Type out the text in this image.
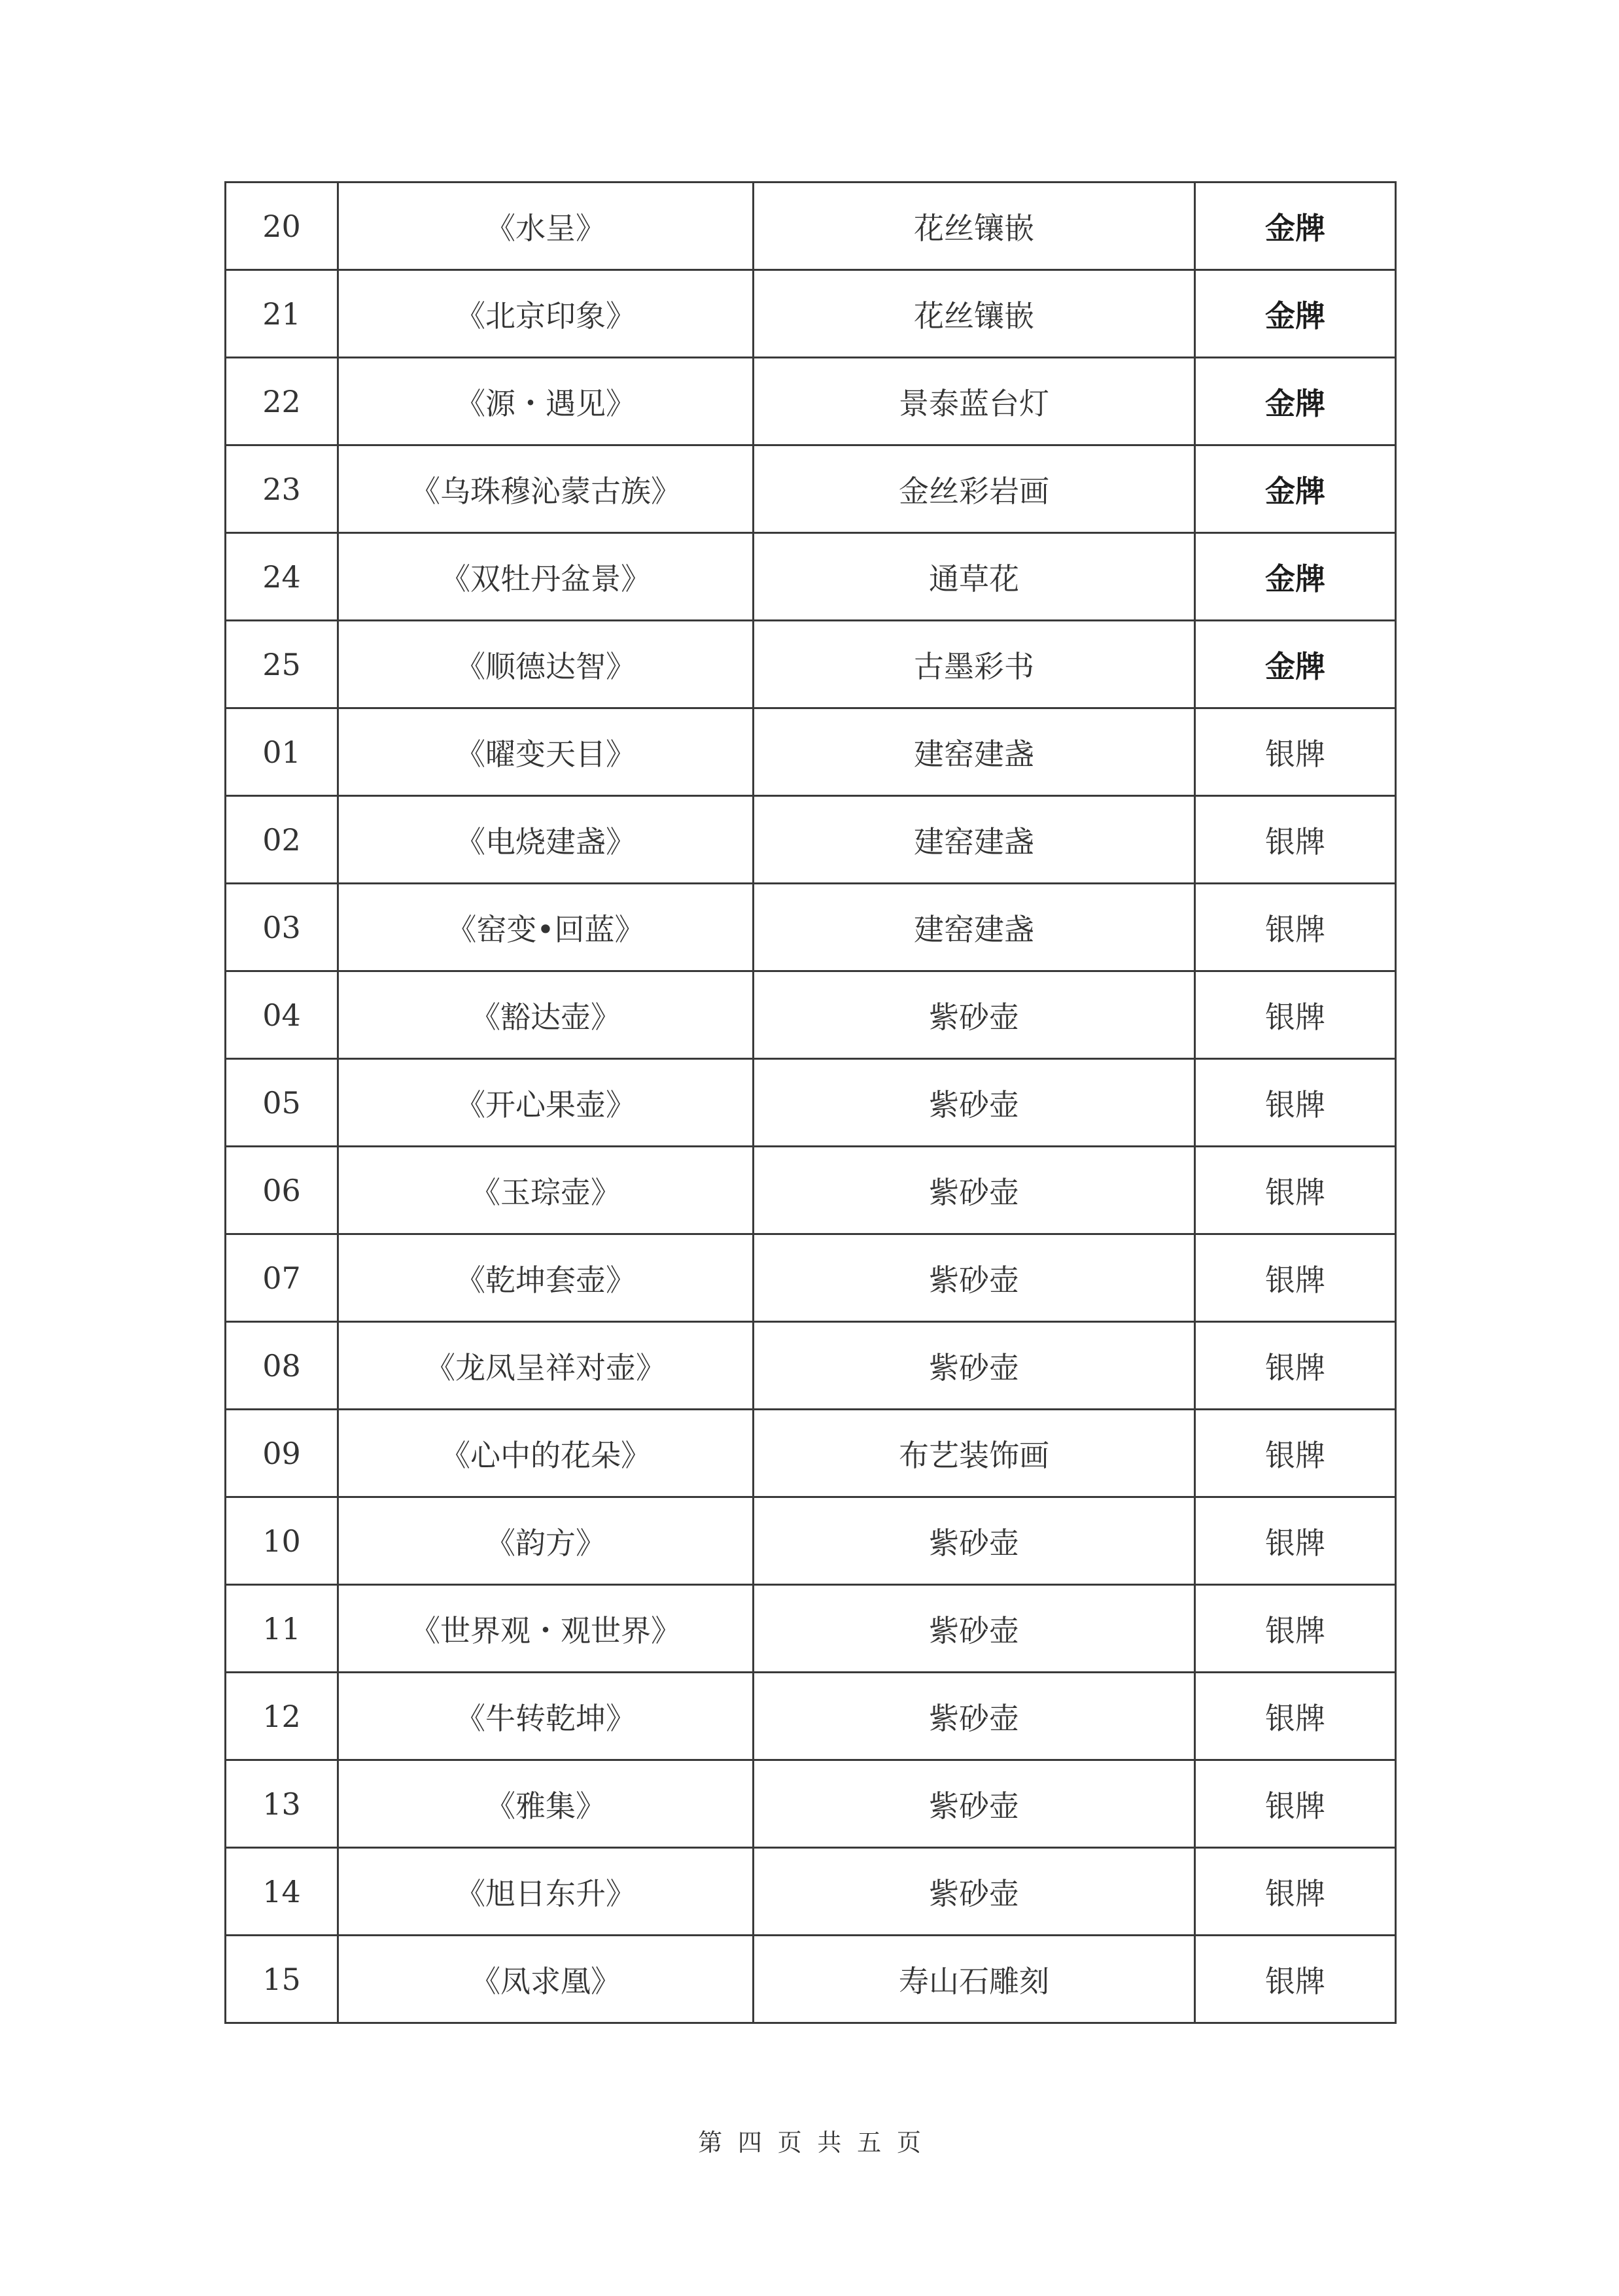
20	《水呈》	花丝镶嵌	金牌
21	《北京印象》	花丝镶嵌	金牌
22	《源・遇见》	景泰蓝台灯	金牌
23	《乌珠穆沁蒙古族》	金丝彩岩画	金牌
24	《双牡丹盆景》	通草花	金牌
25	《顺德达智》	古墨彩书	金牌
01	《曜变天目》	建窑建盏	银牌
02	《电烧建盏》	建窑建盏	银牌
03	《窑变•回蓝》	建窑建盏	银牌
04	《豁达壶》	紫砂壶	银牌
05	《开心果壶》	紫砂壶	银牌
06	《玉琮壶》	紫砂壶	银牌
07	《乾坤套壶》	紫砂壶	银牌
08	《龙凤呈祥对壶》	紫砂壶	银牌
09	《心中的花朵》	布艺装饰画	银牌
10	《韵方》	紫砂壶	银牌
11	《世界观・观世界》	紫砂壶	银牌
12	《牛转乾坤》	紫砂壶	银牌
13	《雅集》	紫砂壶	银牌
14	《旭日东升》	紫砂壶	银牌
15	《凤求凰》	寿山石雕刻	银牌
第 四 页 共 五 页
